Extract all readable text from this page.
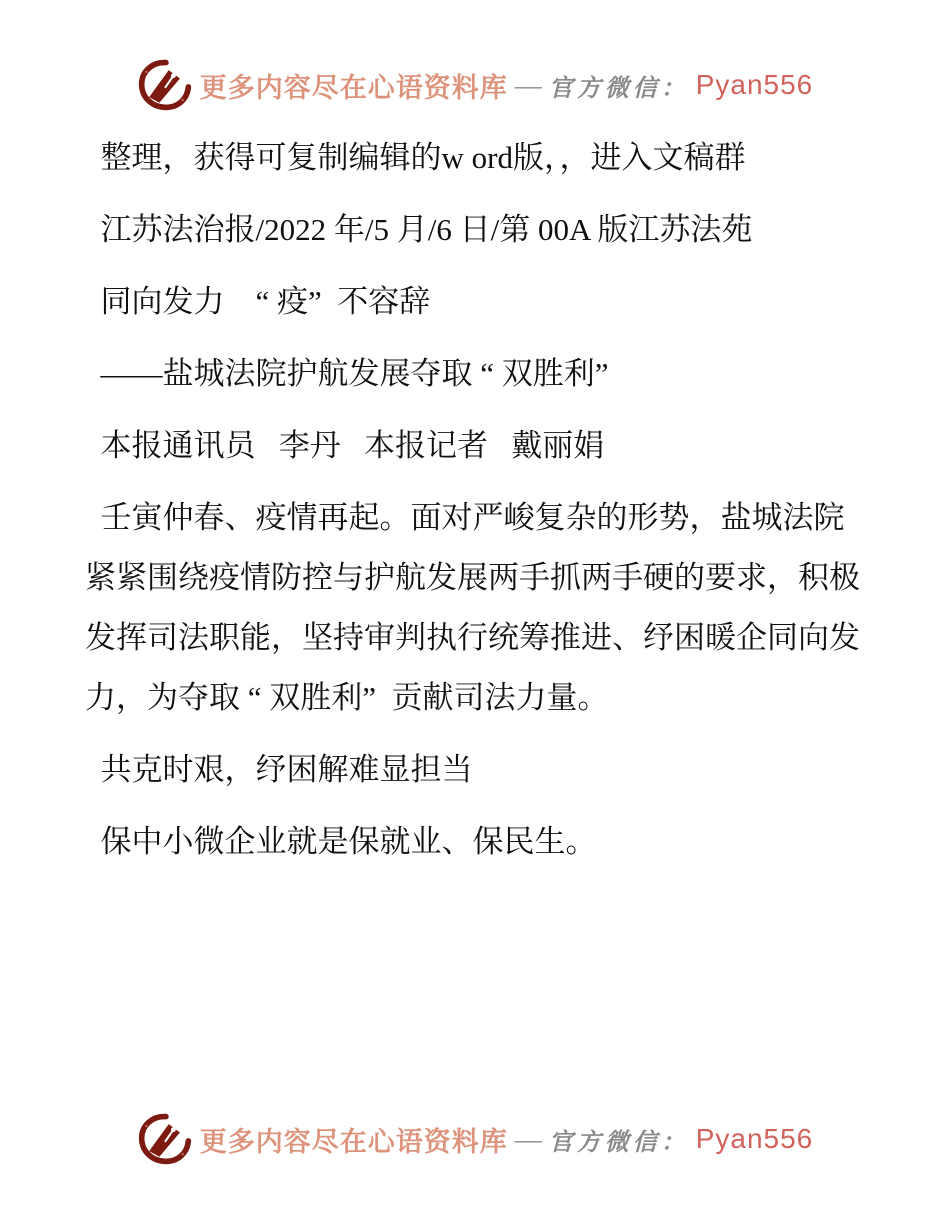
更多内容尽在心语资料库 — 官方微信： Pyan556

整理，获得可复制编辑的w ord版，，进入文稿群

江苏法治报/2022 年/5 月/6 日/第 00A 版江苏法苑

同向发力    “ 疫”  不容辞

——盐城法院护航发展夺取 “ 双胜利”

本报通讯员   李丹   本报记者   戴丽娟

壬寅仲春、疫情再起。面对严峻复杂的形势，盐城法院紧紧围绕疫情防控与护航发展两手抓两手硬的要求，积极发挥司法职能，坚持审判执行统筹推进、纾困暖企同向发力，为夺取 “ 双胜利”  贡献司法力量。

共克时艰，纾困解难显担当

保中小微企业就是保就业、保民生。

更多内容尽在心语资料库 — 官方微信： Pyan556
